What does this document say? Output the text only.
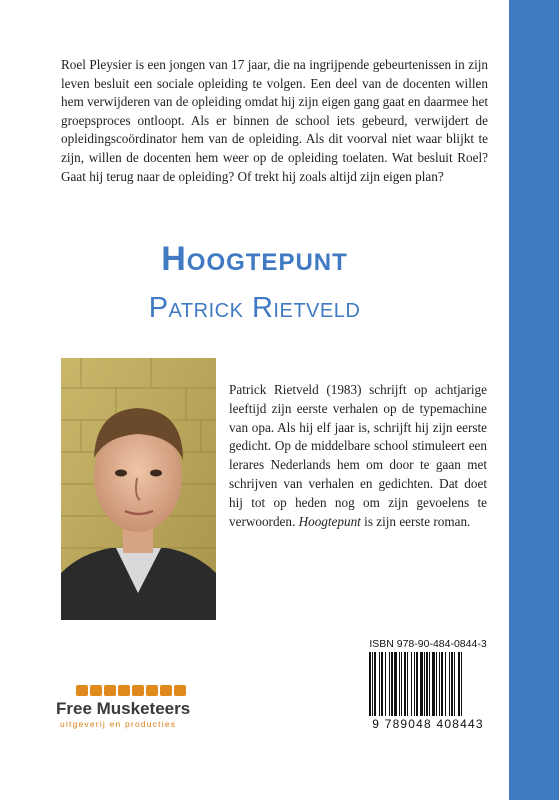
Roel Pleysier is een jongen van 17 jaar, die na ingrijpende gebeurtenissen in zijn leven besluit een sociale opleiding te volgen. Een deel van de docenten willen hem verwijderen van de opleiding omdat hij zijn eigen gang gaat en daarmee het groepsproces ontloopt. Als er binnen de school iets gebeurd, verwijdert de opleidingscoördinator hem van de opleiding. Als dit voorval niet waar blijkt te zijn, willen de docenten hem weer op de opleiding toelaten. Wat besluit Roel? Gaat hij terug naar de opleiding? Of trekt hij zoals altijd zijn eigen plan?

Hoogtepunt
Patrick Rietveld

Patrick Rietveld (1983) schrijft op achtjarige leeftijd zijn eerste verhalen op de typemachine van opa. Als hij elf jaar is, schrijft hij zijn eerste gedicht. Op de middelbare school stimuleert een lerares Nederlands hem om door te gaan met schrijven van verhalen en gedichten. Dat doet hij tot op heden nog om zijn gevoelens te verwoorden. Hoogtepunt is zijn eerste roman.

ISBN 978-90-484-0844-3
9 789048 408443
Free Musketeers
uitgeverij en producties
